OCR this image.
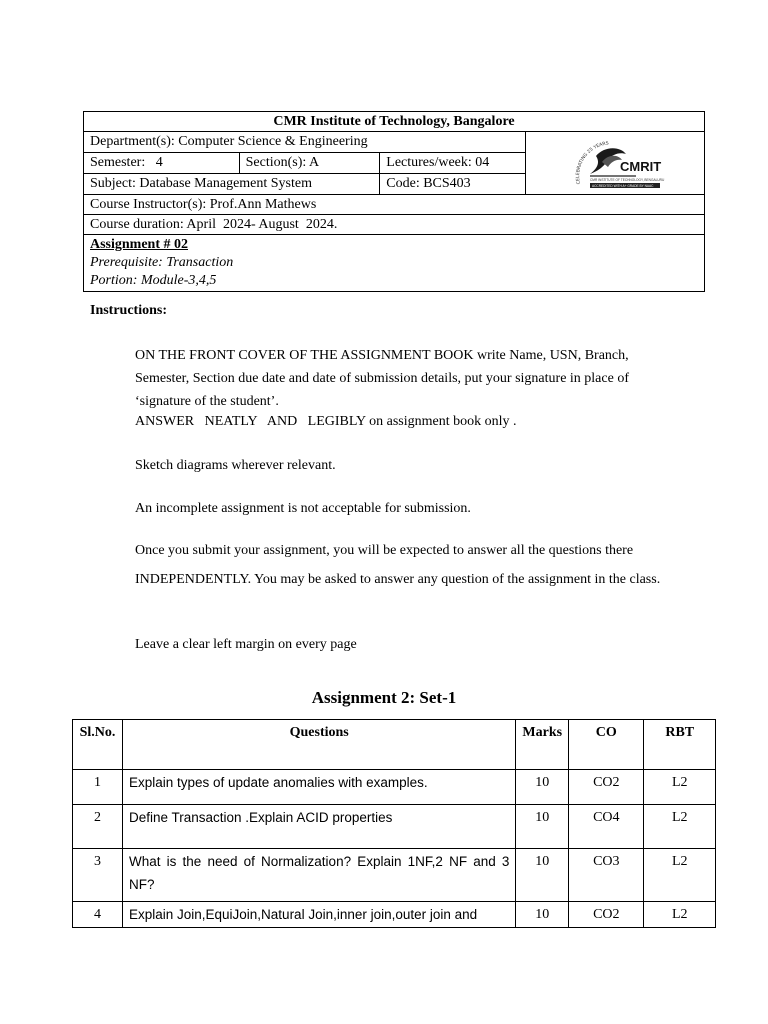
CMR Institute of Technology, Bangalore			
Department(s): Computer Science & Engineering			CELEBRATING 25 YEARS
CMRIT
CMR INSTITUTE OF TECHNOLOGY, BENGALURU
ACCREDITED WITH A+ GRADE BY NAAC

Semester:   4	Section(s): A	Lectures/week: 04	
Subject: Database Management System		Code: BCS403	
Course Instructor(s): Prof.Ann Mathews			
Course duration: April  2024- August  2024.			

Assignment # 02
Prerequisite: Transaction
Portion: Module-3,4,5			
Instructions:
ON THE FRONT COVER OF THE ASSIGNMENT BOOK write Name, USN, Branch, Semester, Section due date and date of submission details, put your signature in place of ‘signature of the student’.
ANSWER   NEATLY   AND   LEGIBLY on assignment book only .
Sketch diagrams wherever relevant.
An incomplete assignment is not acceptable for submission.
Once you submit your assignment, you will be expected to answer all the questions there INDEPENDENTLY. You may be asked to answer any question of the assignment in the class.
Leave a clear left margin on every page
Assignment 2: Set-1
Sl.No.	Questions	Marks	CO	RBT
1	Explain types of update anomalies with examples.	10	CO2	L2
2	Define Transaction .Explain ACID properties	10	CO4	L2
3	What is the need of Normalization? Explain 1NF,2 NF and 3 NF?	10	CO3	L2
4	Explain Join,EquiJoin,Natural Join,inner join,outer join and	10	CO2	L2
